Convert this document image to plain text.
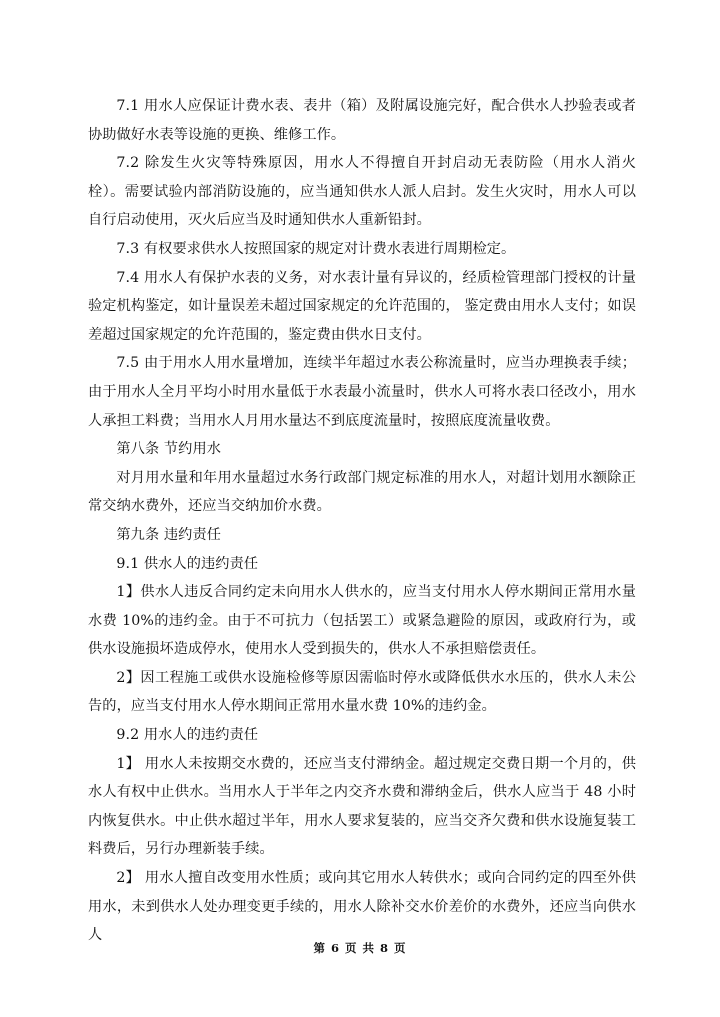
7.1 用水人应保证计费水表、表井（箱）及附属设施完好，配合供水人抄验表或者协助做好水表等设施的更换、维修工作。

7.2 除发生火灾等特殊原因，用水人不得擅自开封启动无表防险（用水人消火栓）。需要试验内部消防设施的，应当通知供水人派人启封。发生火灾时，用水人可以自行启动使用，灭火后应当及时通知供水人重新铅封。

7.3 有权要求供水人按照国家的规定对计费水表进行周期检定。

7.4 用水人有保护水表的义务，对水表计量有异议的，经质检管理部门授权的计量验定机构鉴定，如计量误差未超过国家规定的允许范围的， 鉴定费由用水人支付；如误差超过国家规定的允许范围的，鉴定费由供水日支付。

7.5 由于用水人用水量增加，连续半年超过水表公称流量时，应当办理换表手续；由于用水人全月平均小时用水量低于水表最小流量时，供水人可将水表口径改小，用水人承担工料费；当用水人月用水量达不到底度流量时，按照底度流量收费。

第八条 节约用水

对月用水量和年用水量超过水务行政部门规定标准的用水人，对超计划用水额除正常交纳水费外，还应当交纳加价水费。

第九条 违约责任

9.1 供水人的违约责任

1】供水人违反合同约定未向用水人供水的，应当支付用水人停水期间正常用水量水费 10%的违约金。由于不可抗力（包括罢工）或紧急避险的原因，或政府行为，或供水设施损坏造成停水，使用水人受到损失的，供水人不承担赔偿责任。

2】因工程施工或供水设施检修等原因需临时停水或降低供水水压的，供水人未公告的，应当支付用水人停水期间正常用水量水费 10%的违约金。

9.2 用水人的违约责任

1】 用水人未按期交水费的，还应当支付滞纳金。超过规定交费日期一个月的，供水人有权中止供水。当用水人于半年之内交齐水费和滞纳金后，供水人应当于 48 小时内恢复供水。中止供水超过半年，用水人要求复装的，应当交齐欠费和供水设施复装工料费后，另行办理新装手续。

2】 用水人擅自改变用水性质；或向其它用水人转供水；或向合同约定的四至外供用水，未到供水人处办理变更手续的，用水人除补交水价差价的水费外，还应当向供水人

第 6 页 共 8 页
